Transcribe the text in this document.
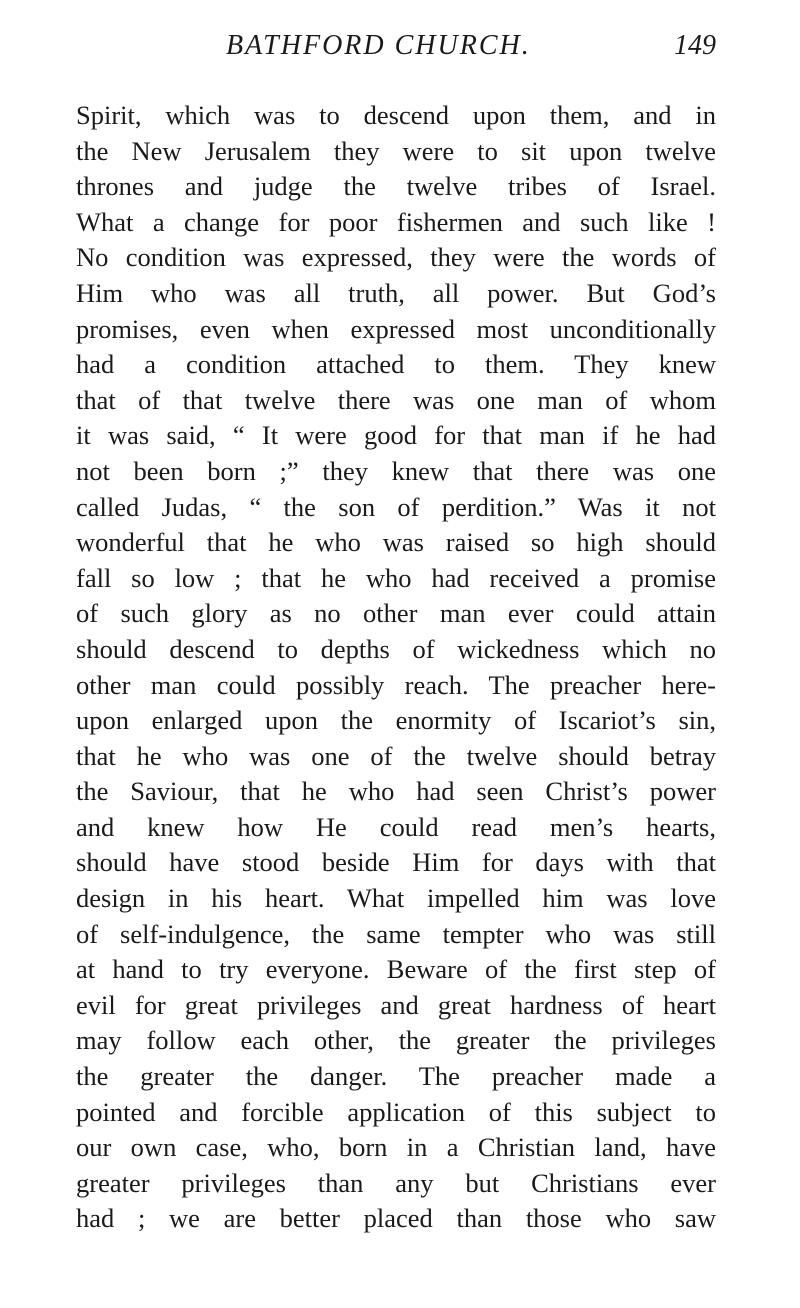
BATHFORD CHURCH.	149
Spirit, which was to descend upon them, and in
the New Jerusalem they were to sit upon twelve
thrones and judge the twelve tribes of Israel.
What a change for poor fishermen and such like !
No condition was expressed, they were the words of
Him who was all truth, all power. But God’s
promises, even when expressed most unconditionally
had a condition attached to them. They knew
that of that twelve there was one man of whom
it was said, “ It were good for that man if he had
not been born ;” they knew that there was one
called Judas, “ the son of perdition.” Was it not
wonderful that he who was raised so high should
fall so low ; that he who had received a promise
of such glory as no other man ever could attain
should descend to depths of wickedness which no
other man could possibly reach. The preacher here-
upon enlarged upon the enormity of Iscariot’s sin,
that he who was one of the twelve should betray
the Saviour, that he who had seen Christ’s power
and knew how He could read men’s hearts,
should have stood beside Him for days with that
design in his heart. What impelled him was love
of self-indulgence, the same tempter who was still
at hand to try everyone. Beware of the first step of
evil for great privileges and great hardness of heart
may follow each other, the greater the privileges
the greater the danger. The preacher made a
pointed and forcible application of this subject to
our own case, who, born in a Christian land, have
greater privileges than any but Christians ever
had ; we are better placed than those who saw
